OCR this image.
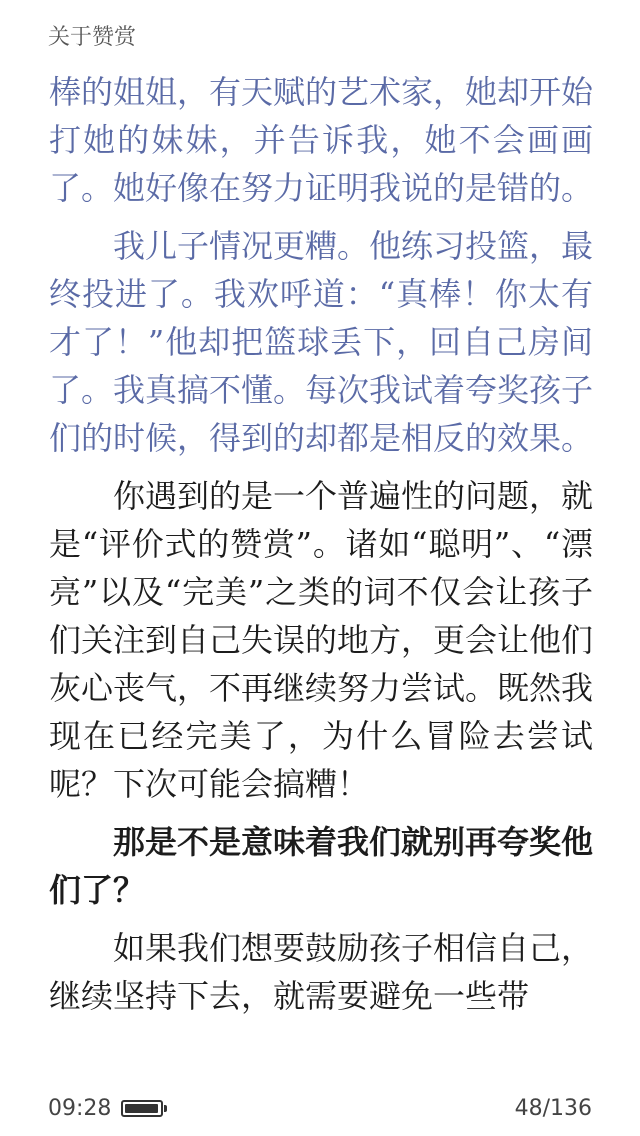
关于赞赏

棒的姐姐，有天赋的艺术家，她却开始打她的妹妹，并告诉我，她不会画画了。她好像在努力证明我说的是错的。

我儿子情况更糟。他练习投篮，最终投进了。我欢呼道：“真棒！你太有才了！”他却把篮球丢下，回自己房间了。我真搞不懂。每次我试着夸奖孩子们的时候，得到的却都是相反的效果。

你遇到的是一个普遍性的问题，就是“评价式的赞赏”。诸如“聪明”、“漂亮”以及“完美”之类的词不仅会让孩子们关注到自己失误的地方，更会让他们灰心丧气，不再继续努力尝试。既然我现在已经完美了，为什么冒险去尝试呢？下次可能会搞糟！

那是不是意味着我们就别再夸奖他们了？

如果我们想要鼓励孩子相信自己，继续坚持下去，就需要避免一些带

09:28	48/136
